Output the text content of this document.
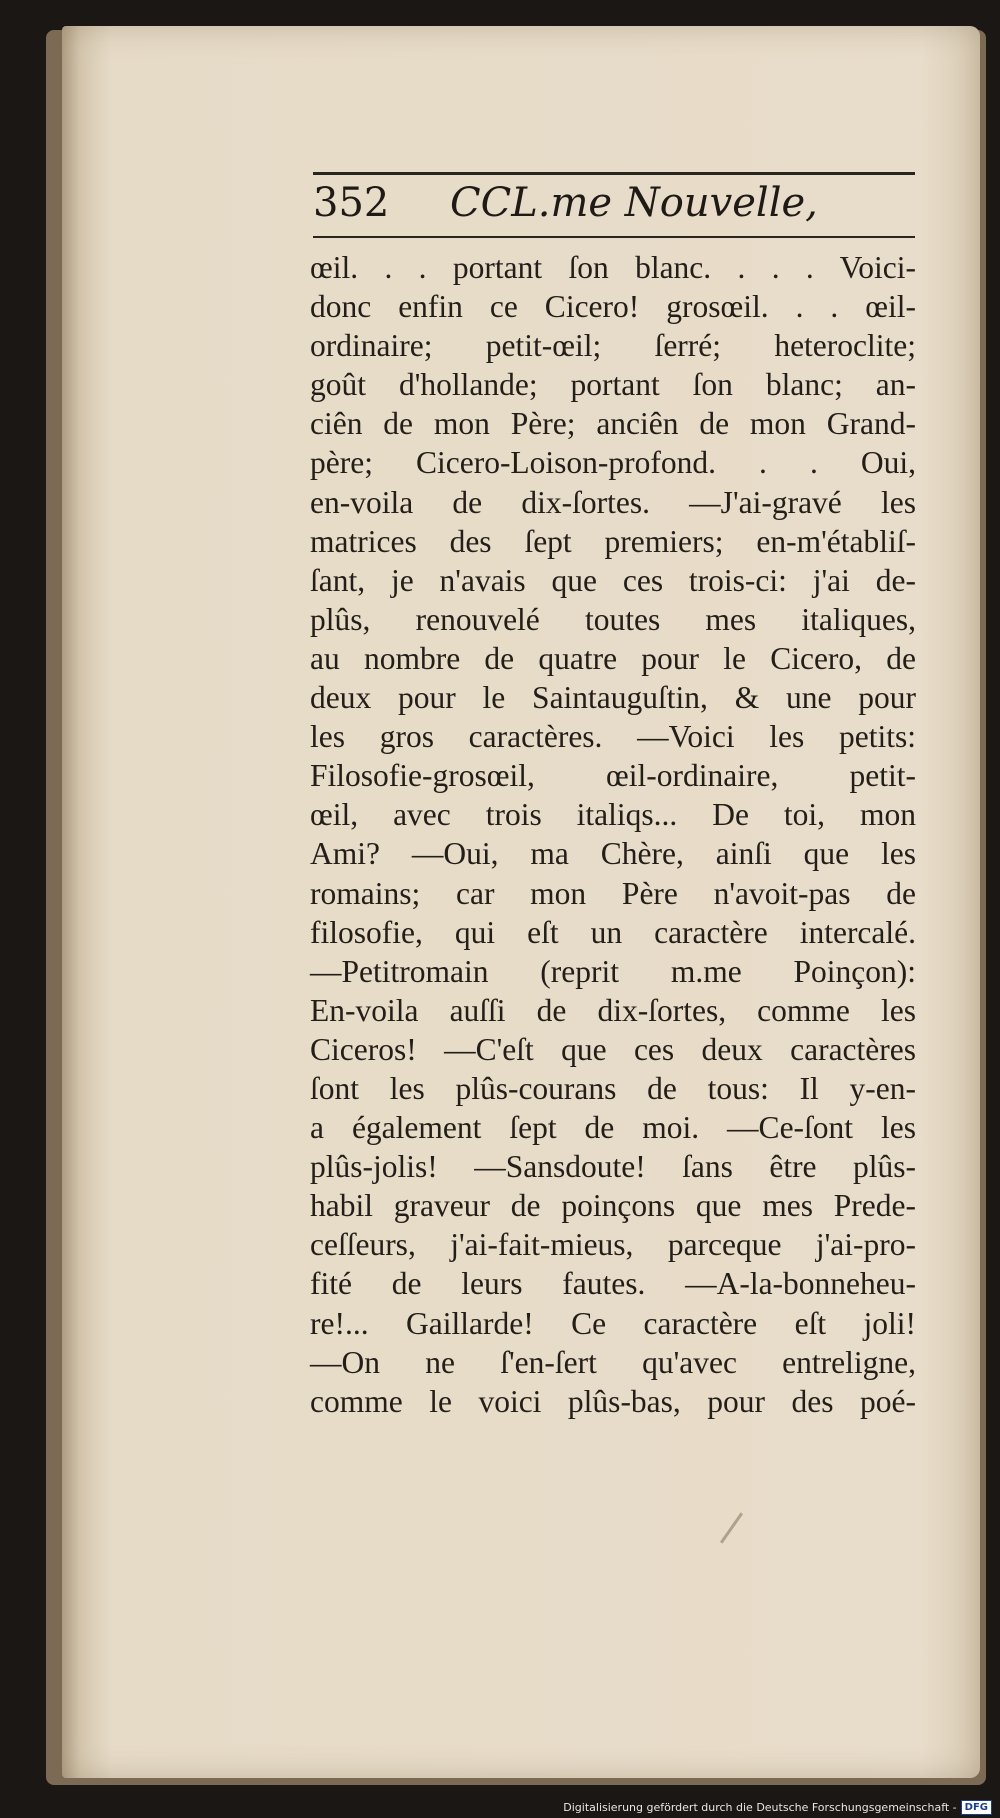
352 CCL.me Nouvelle,
œil. . . portant ſon blanc. . . . Voici-
donc enfin ce Cicero! grosœil. . . œil-
ordinaire; petit-œil; ſerré; heteroclite;
goût d'hollande; portant ſon blanc; an-
ciên de mon Père; anciên de mon Grand-
père; Cicero-Loison-profond. . . Oui,
en-voila de dix-ſortes. —J'ai-gravé les
matrices des ſept premiers; en-m'établiſ-
ſant, je n'avais que ces trois-ci: j'ai de-
plûs, renouvelé toutes mes italiques,
au nombre de quatre pour le Cicero, de
deux pour le Saintauguſtin, & une pour
les gros caractères. —Voici les petits:
Filosofie-grosœil, œil-ordinaire, petit-
œil, avec trois italiqs... De toi, mon
Ami? —Oui, ma Chère, ainſi que les
romains; car mon Père n'avoit-pas de
filosofie, qui eſt un caractère intercalé.
—Petitromain (reprit m.me Poinçon):
En-voila auſſi de dix-ſortes, comme les
Ciceros! —C'eſt que ces deux caractères
ſont les plûs-courans de tous: Il y-en-
a également ſept de moi. —Ce-ſont les
plûs-jolis! —Sansdoute! ſans être plûs-
habil graveur de poinçons que mes Prede-
ceſſeurs, j'ai-fait-mieus, parceque j'ai-pro-
fité de leurs fautes. —A-la-bonneheu-
re!... Gaillarde! Ce caractère eſt joli!
—On ne ſ'en-ſert qu'avec entreligne,
comme le voici plûs-bas, pour des poé-
Digitalisierung gefördert durch die Deutsche Forschungsgemeinschaft - DFG
